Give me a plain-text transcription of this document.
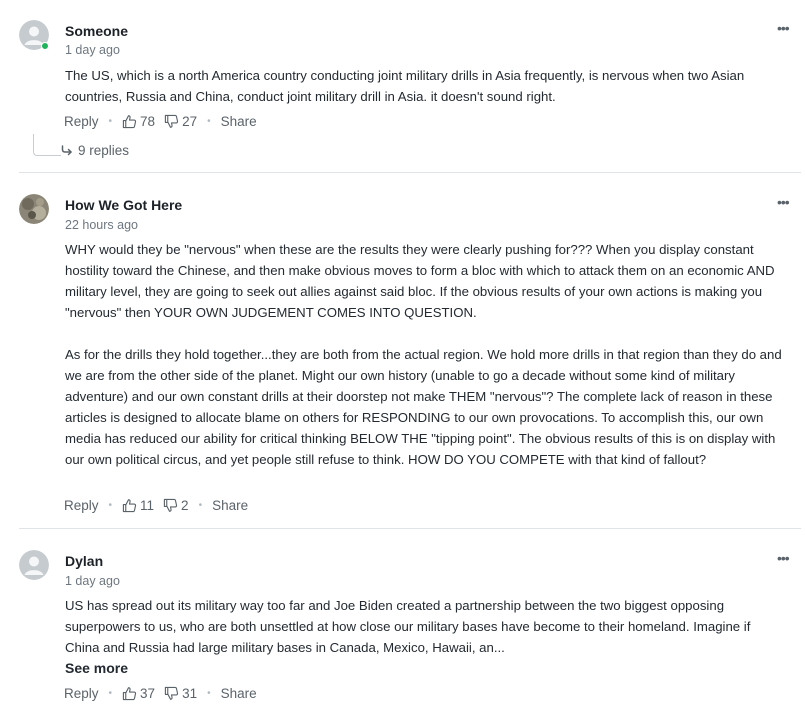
Someone
1 day ago
•••

The US, which is a north America country conducting joint military drills in Asia frequently, is nervous when two Asian countries, Russia and China, conduct joint military drill in Asia. it doesn't sound right.

Reply • 78 27 • Share
9 replies
How We Got Here
22 hours ago
•••

WHY would they be "nervous" when these are the results they were clearly pushing for??? When you display constant hostility toward the Chinese, and then make obvious moves to form a bloc with which to attack them on an economic AND military level, they are going to seek out allies against said bloc. If the obvious results of your own actions is making you "nervous" then YOUR OWN JUDGEMENT COMES INTO QUESTION.

As for the drills they hold together...they are both from the actual region. We hold more drills in that region than they do and we are from the other side of the planet. Might our own history (unable to go a decade without some kind of military adventure) and our own constant drills at their doorstep not make THEM "nervous"? The complete lack of reason in these articles is designed to allocate blame on others for RESPONDING to our own provocations. To accomplish this, our own media has reduced our ability for critical thinking BELOW THE "tipping point". The obvious results of this is on display with our own political circus, and yet people still refuse to think. HOW DO YOU COMPETE with that kind of fallout?

Reply • 11 2 • Share
Dylan
1 day ago
•••

US has spread out its military way too far and Joe Biden created a partnership between the two biggest opposing superpowers to us, who are both unsettled at how close our military bases have become to their homeland. Imagine if China and Russia had large military bases in Canada, Mexico, Hawaii, an...

See more
Reply • 37 31 • Share
